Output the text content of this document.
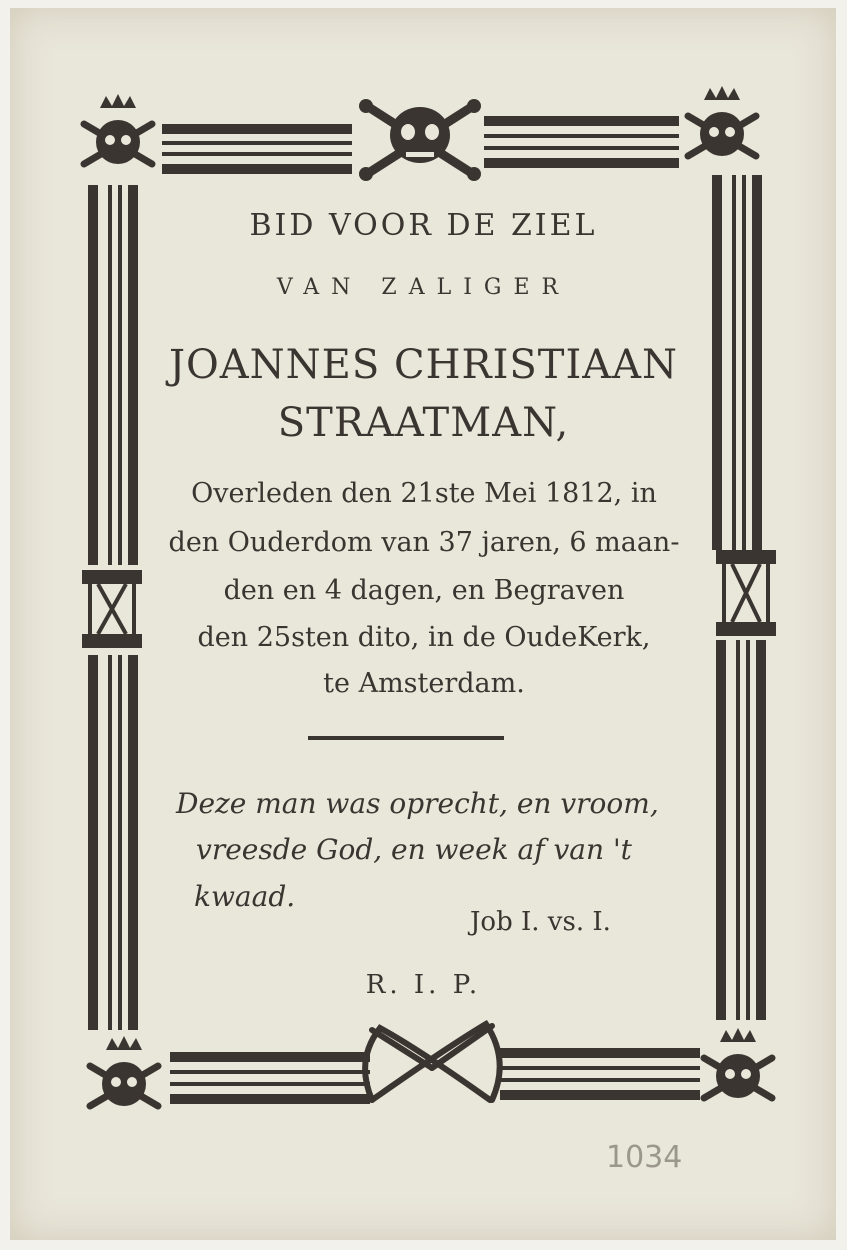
BID VOOR DE ZIEL
VAN ZALIGER
JOANNES CHRISTIAAN
STRAATMAN,
Overleden den 21ste Mei 1812, in
den Ouderdom van 37 jaren, 6 maan-
den en 4 dagen, en Begraven
den 25sten dito, in de OudeKerk,
te Amsterdam.
Deze man was oprecht, en vroom,
vreesde God, en week af van 't
kwaad.
Job I. vs. I.
R. I. P.
1034
